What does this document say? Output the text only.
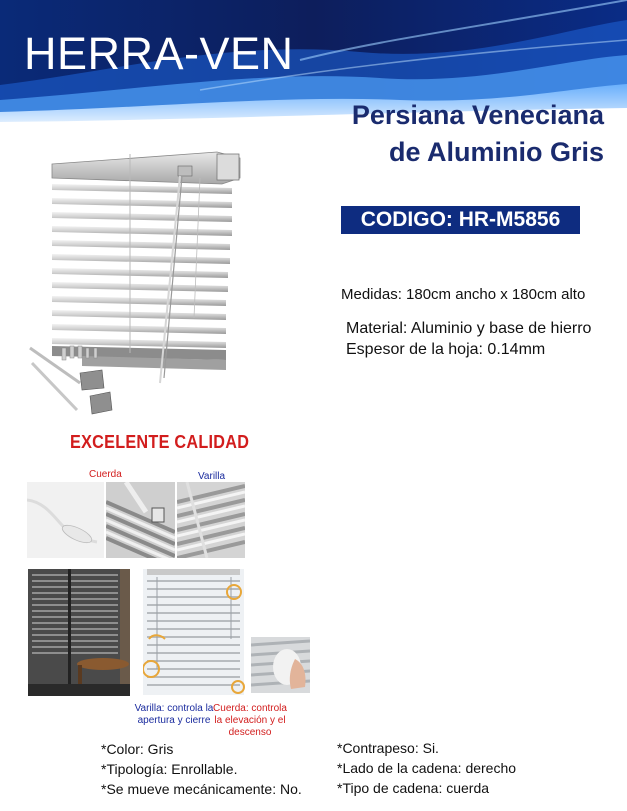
HERRA-VEN
Persiana Veneciana
de Aluminio Gris
CODIGO: HR-M5856
Medidas: 180cm ancho x 180cm alto
Material: Aluminio y base de hierro
Espesor de la hoja: 0.14mm
EXCELENTE CALIDAD
Cuerda	Varilla
Varilla: controla la
apertura y cierre
Cuerda: controla
la elevación y el
descenso
*Color: Gris
*Tipología: Enrollable.
*Se mueve mecánicamente: No.
*Contrapeso: Si.
*Lado de la cadena: derecho
*Tipo de cadena: cuerda
